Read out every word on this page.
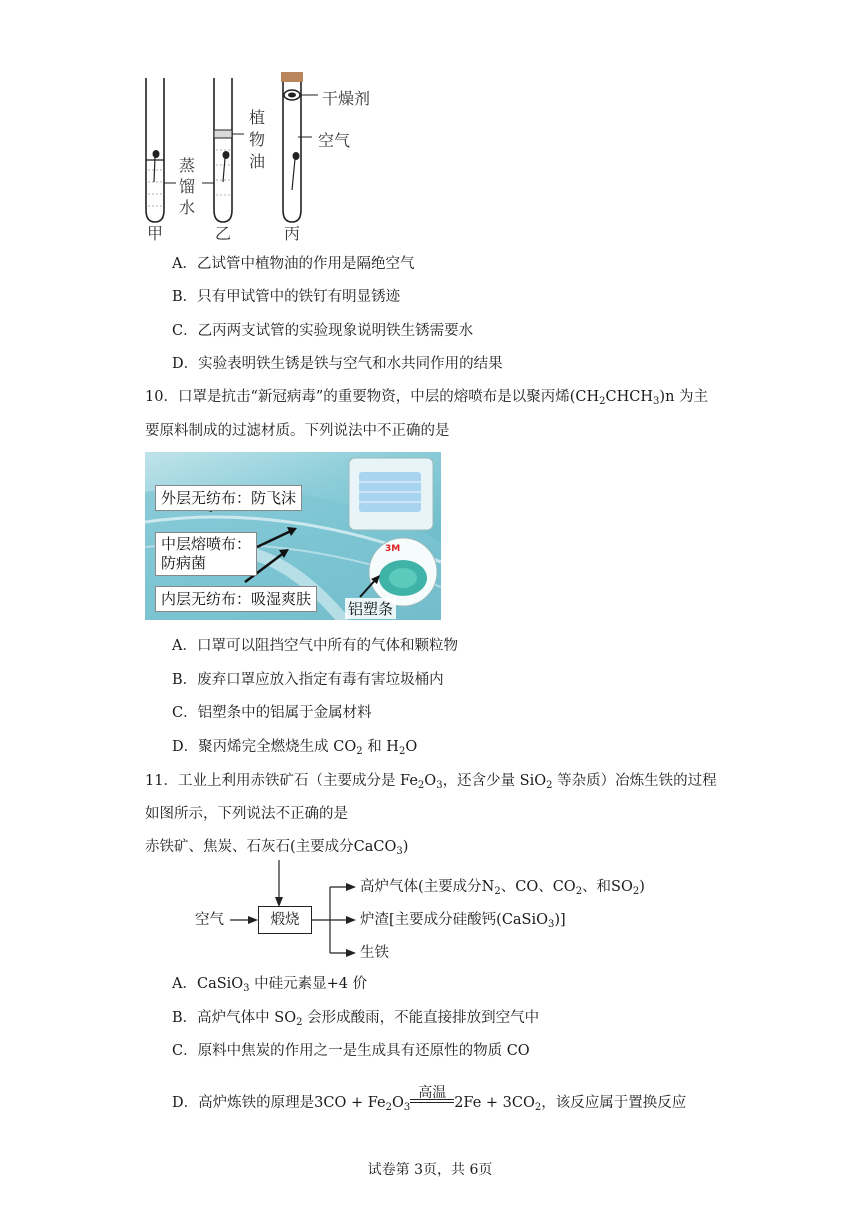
蒸馏水
植物油
干燥剂
空气
甲	乙	丙
A．乙试管中植物油的作用是隔绝空气
B．只有甲试管中的铁钉有明显锈迹
C．乙丙两支试管的实验现象说明铁生锈需要水
D．实验表明铁生锈是铁与空气和水共同作用的结果
10．口罩是抗击“新冠病毒”的重要物资，中层的熔喷布是以聚丙烯$(CH_2CHCH_3)n$ 为主
要原料制成的过滤材质。下列说法中不正确的是
外层无纺布：防飞沫
中层熔喷布：
防病菌
内层无纺布：吸湿爽肤
铝塑条
3M
A．口罩可以阻挡空气中所有的气体和颗粒物
B．废弃口罩应放入指定有毒有害垃圾桶内
C．铝塑条中的铝属于金属材料
D．聚丙烯完全燃烧生成 $CO_2$ 和 $H_2O$
11．工业上利用赤铁矿石（主要成分是 $Fe_2O_3$，还含少量 SiO$_2$ 等杂质）冶炼生铁的过程
如图所示，下列说法不正确的是
赤铁矿、焦炭、石灰石(主要成分CaCO$_3$)
空气	煅烧
高炉气体(主要成分$N_2$、CO、$CO_2$、和$SO_2$)
炉渣[主要成分硅酸钙(CaSiO$_3$)]
生铁
A．CaSiO$_3$ 中硅元素显+4 价
B．高炉气体中 $SO_2$ 会形成酸雨，不能直接排放到空气中
C．原料中焦炭的作用之一是生成具有还原性的物质 CO
D．高炉炼铁的原理是$3CO + Fe_2O_3$
高温
$2Fe + 3CO_2$，该反应属于置换反应
试卷第 3页，共 6页
